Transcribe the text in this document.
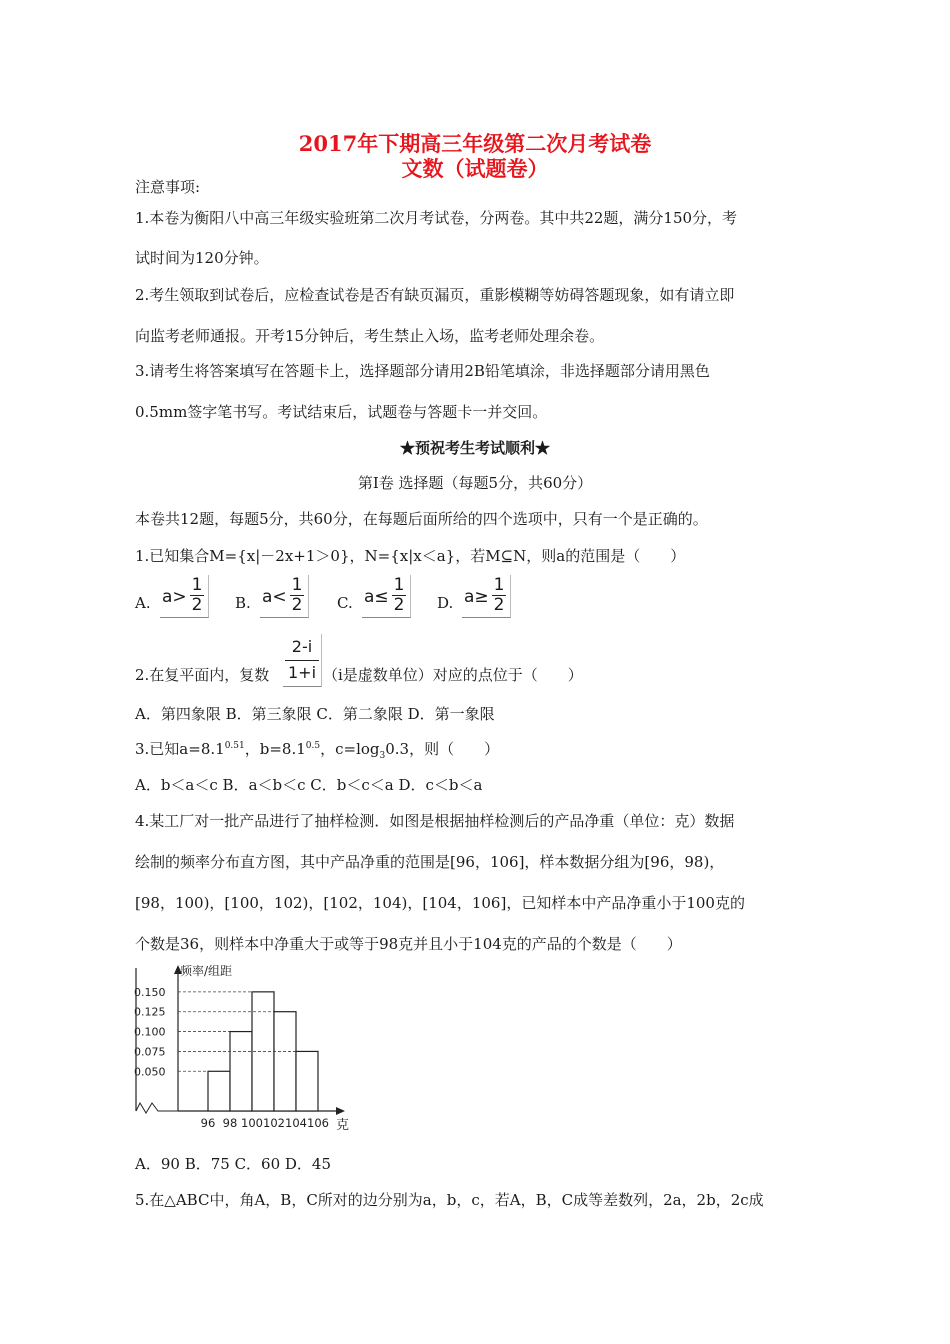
2017年下期高三年级第二次月考试卷
文数（试题卷）
注意事项:
1.本卷为衡阳八中高三年级实验班第二次月考试卷，分两卷。其中共22题，满分150分，考
试时间为120分钟。
2.考生领取到试卷后，应检查试卷是否有缺页漏页，重影模糊等妨碍答题现象，如有请立即
向监考老师通报。开考15分钟后，考生禁止入场，监考老师处理余卷。
3.请考生将答案填写在答题卡上，选择题部分请用2B铅笔填涂，非选择题部分请用黑色
0.5mm签字笔书写。考试结束后，试题卷与答题卡一并交回。
★预祝考生考试顺利★
第Ⅰ卷 选择题（每题5分，共60分）
本卷共12题，每题5分，共60分，在每题后面所给的四个选项中，只有一个是正确的。
1.已知集合M={x|－2x+1＞0}，N={x|x＜a}，若M⊆N，则a的范围是（　　）
A. a>
1
2 B. a<
1
2 C. a≤
1
2 D. a≥
1
2
2.在复平面内，复数
2-i
1+i （i是虚数单位）对应的点位于（　　）
A．第四象限 B．第三象限 C．第二象限 D．第一象限
3.已知$a=8.1^{0.51}$，$b=8.1^{0.5}$，$c=\log_30.3$，则（　　）
A．b＜a＜c B．a＜b＜c C．b＜c＜a D．c＜b＜a
4.某工厂对一批产品进行了抽样检测．如图是根据抽样检测后的产品净重（单位：克）数据
绘制的频率分布直方图，其中产品净重的范围是[96，106]，样本数据分组为[96，98)，
[98，100)，[100，102)，[102，104)，[104，106]，已知样本中产品净重小于100克的
个数是36，则样本中净重大于或等于98克并且小于104克的产品的个数是（　　）
频率/组距
克
0.150
0.125
0.100
0.075
0.050
96 98 100 102 104 106
A．90 B．75 C．60 D．45
5.在△ABC中，角A，B，C所对的边分别为a，b，c，若A，B，C成等差数列，2a，2b，2c成
